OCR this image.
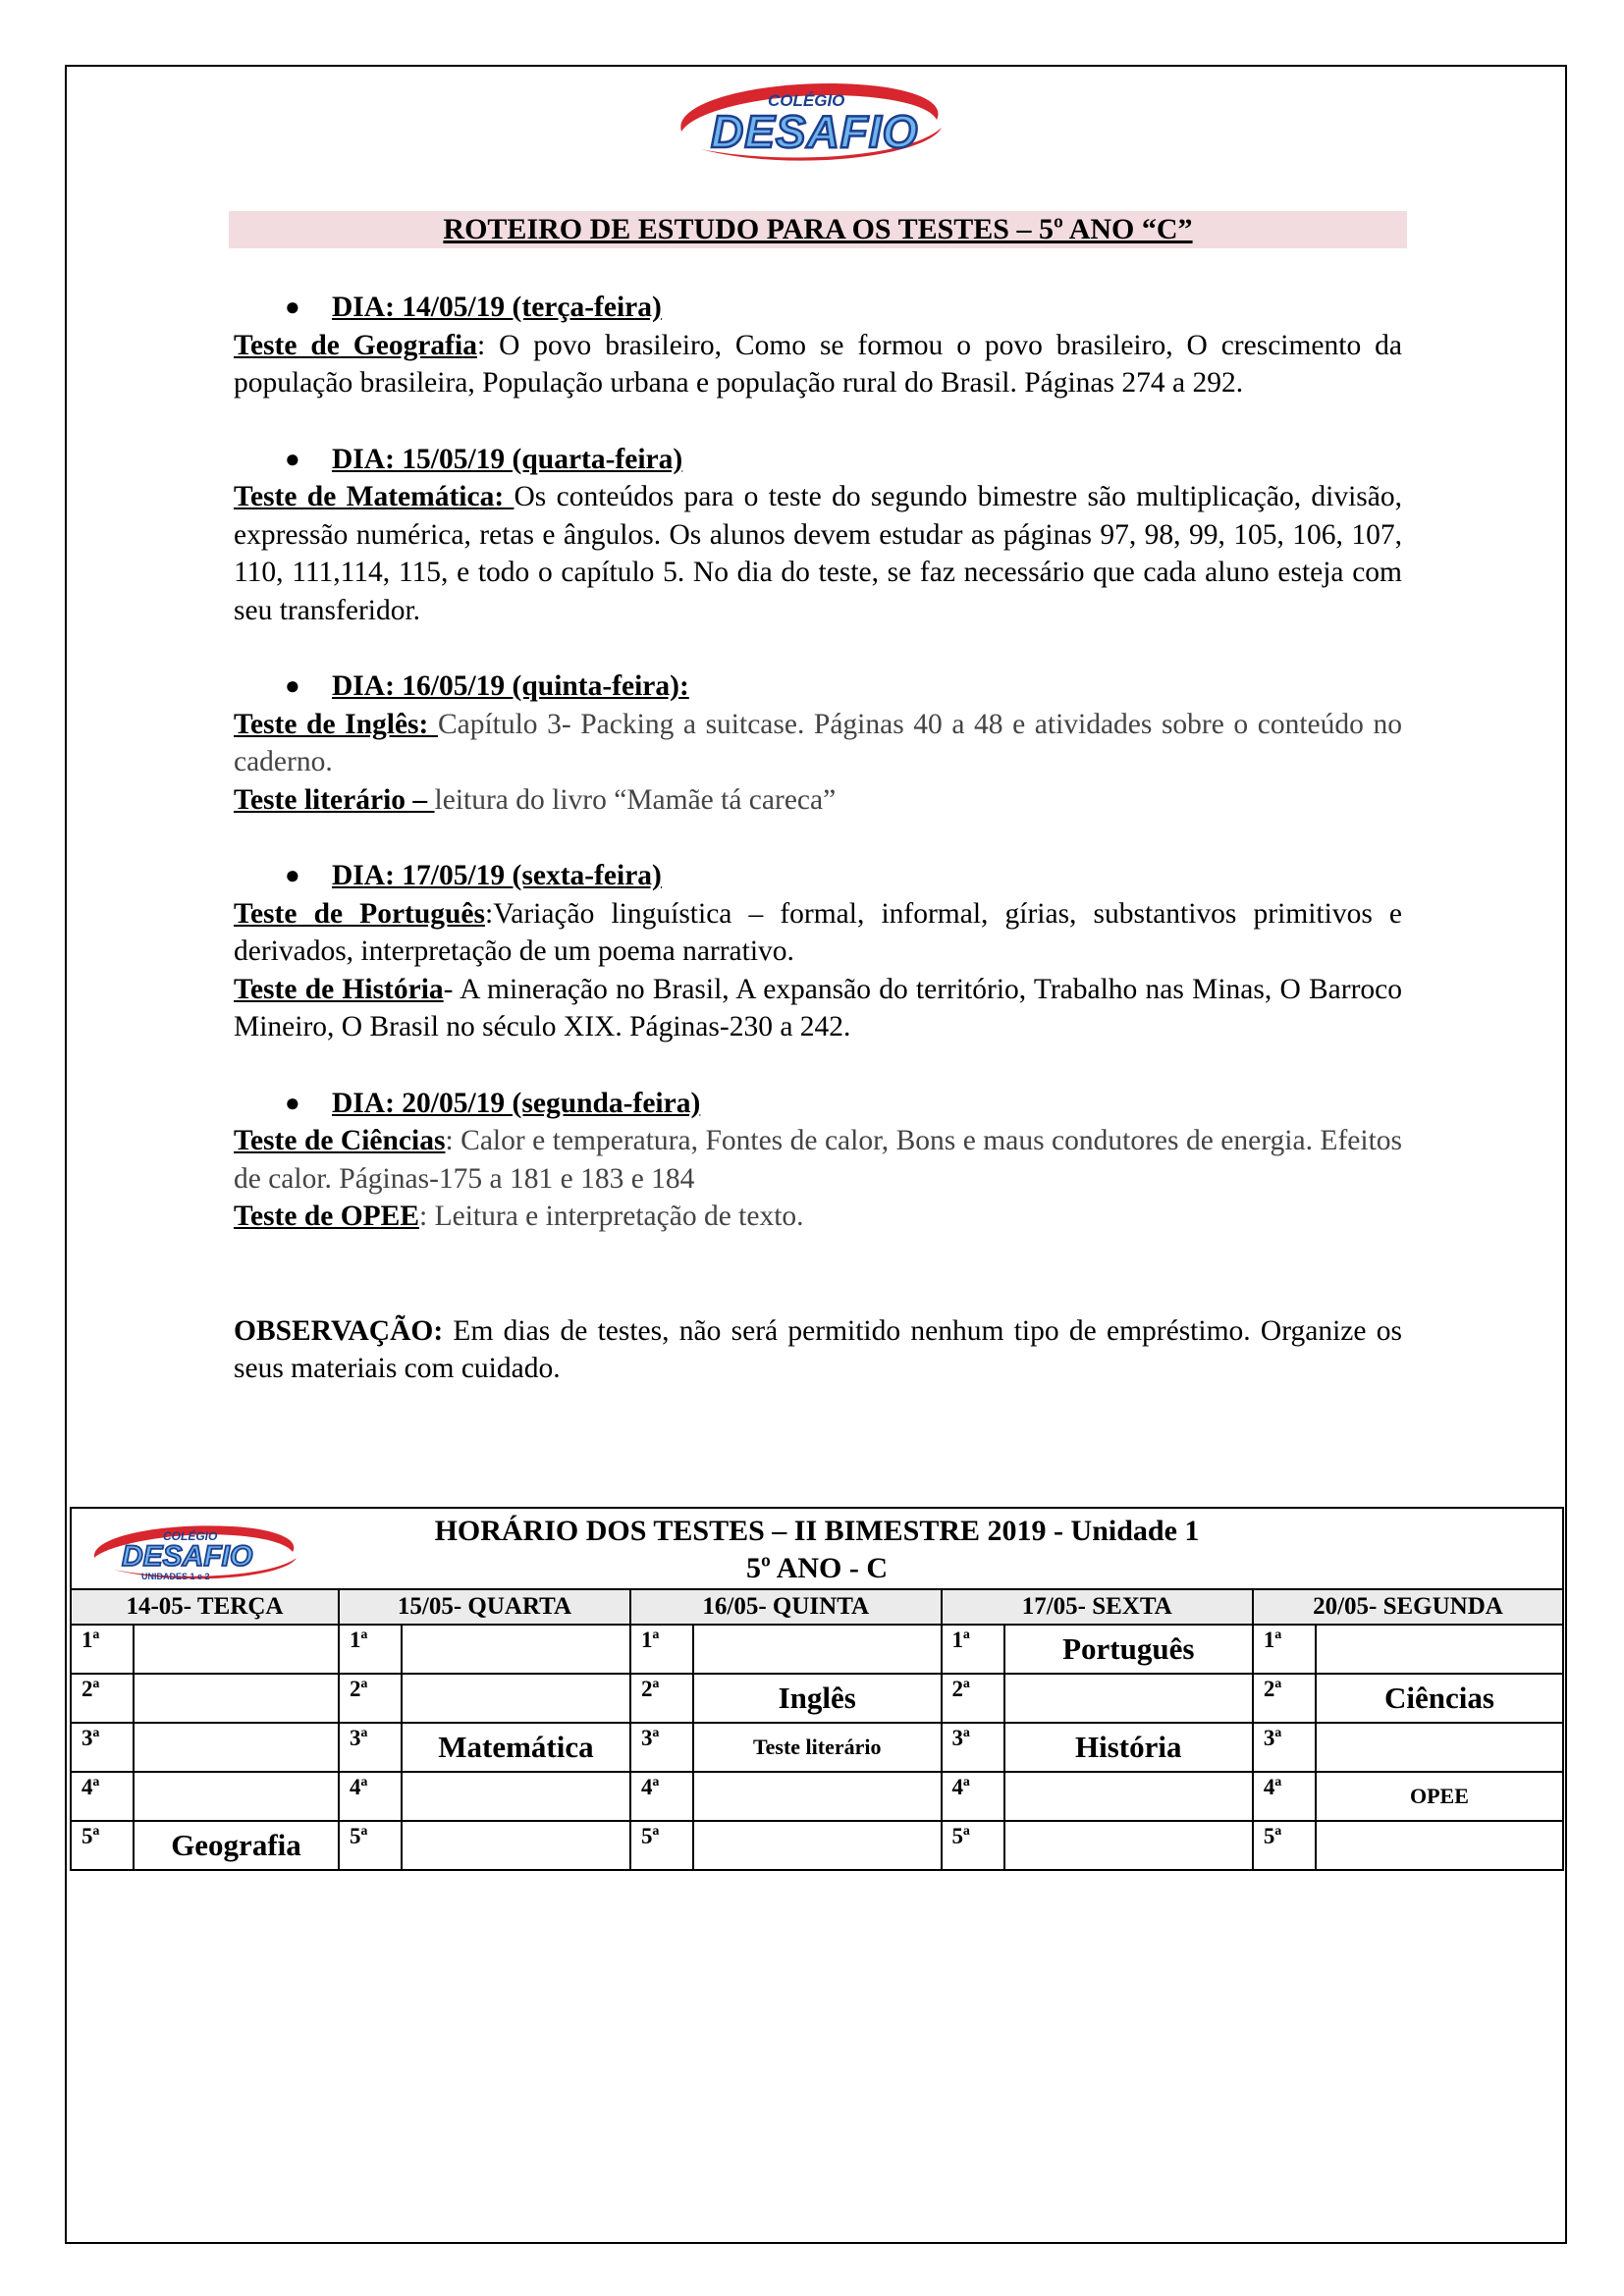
COLÉGIO
DESAFIO
ROTEIRO DE ESTUDO PARA OS TESTES – 5º ANO “C”

● DIA: 14/05/19 (terça-feira)

Teste de Geografia: O povo brasileiro, Como se formou o povo brasileiro, O crescimento da população brasileira, População urbana e população rural do Brasil. Páginas 274 a 292.

● DIA: 15/05/19 (quarta-feira)

Teste de Matemática: Os conteúdos para o teste do segundo bimestre são multiplicação, divisão, expressão numérica, retas e ângulos. Os alunos devem estudar as páginas 97, 98, 99, 105, 106, 107, 110, 111,114, 115, e todo o capítulo 5. No dia do teste, se faz necessário que cada aluno esteja com seu transferidor.

● DIA: 16/05/19 (quinta-feira):

Teste de Inglês: Capítulo 3- Packing a suitcase. Páginas 40 a 48 e atividades sobre o conteúdo no caderno.

Teste literário – leitura do livro “Mamãe tá careca”

● DIA: 17/05/19 (sexta-feira)

Teste de Português:Variação linguística – formal, informal, gírias, substantivos primitivos e derivados, interpretação de um poema narrativo.

Teste de História- A mineração no Brasil, A expansão do território, Trabalho nas Minas, O Barroco Mineiro, O Brasil no século XIX. Páginas-230 a 242.

● DIA: 20/05/19 (segunda-feira)

Teste de Ciências: Calor e temperatura, Fontes de calor, Bons e maus condutores de energia. Efeitos de calor. Páginas-175 a 181 e 183 e 184

Teste de OPEE: Leitura e interpretação de texto.

OBSERVAÇÃO: Em dias de testes, não será permitido nenhum tipo de empréstimo. Organize os seus materiais com cuidado.

COLÉGIO
DESAFIO
UNIDADES 1 e 2
HORÁRIO DOS TESTES – II BIMESTRE 2019 - Unidade 1
5º ANO - C									

14-05- TERÇA		15/05- QUARTA		16/05- QUINTA		17/05- SEXTA		20/05- SEGUNDA	
1ª		1ª		1ª		1ª	Português	1ª	
2ª		2ª		2ª	Inglês	2ª		2ª	Ciências
3ª		3ª	Matemática	3ª	Teste literário	3ª	História	3ª	
4ª		4ª		4ª		4ª		4ª	OPEE
5ª	Geografia	5ª		5ª		5ª		5ª	
